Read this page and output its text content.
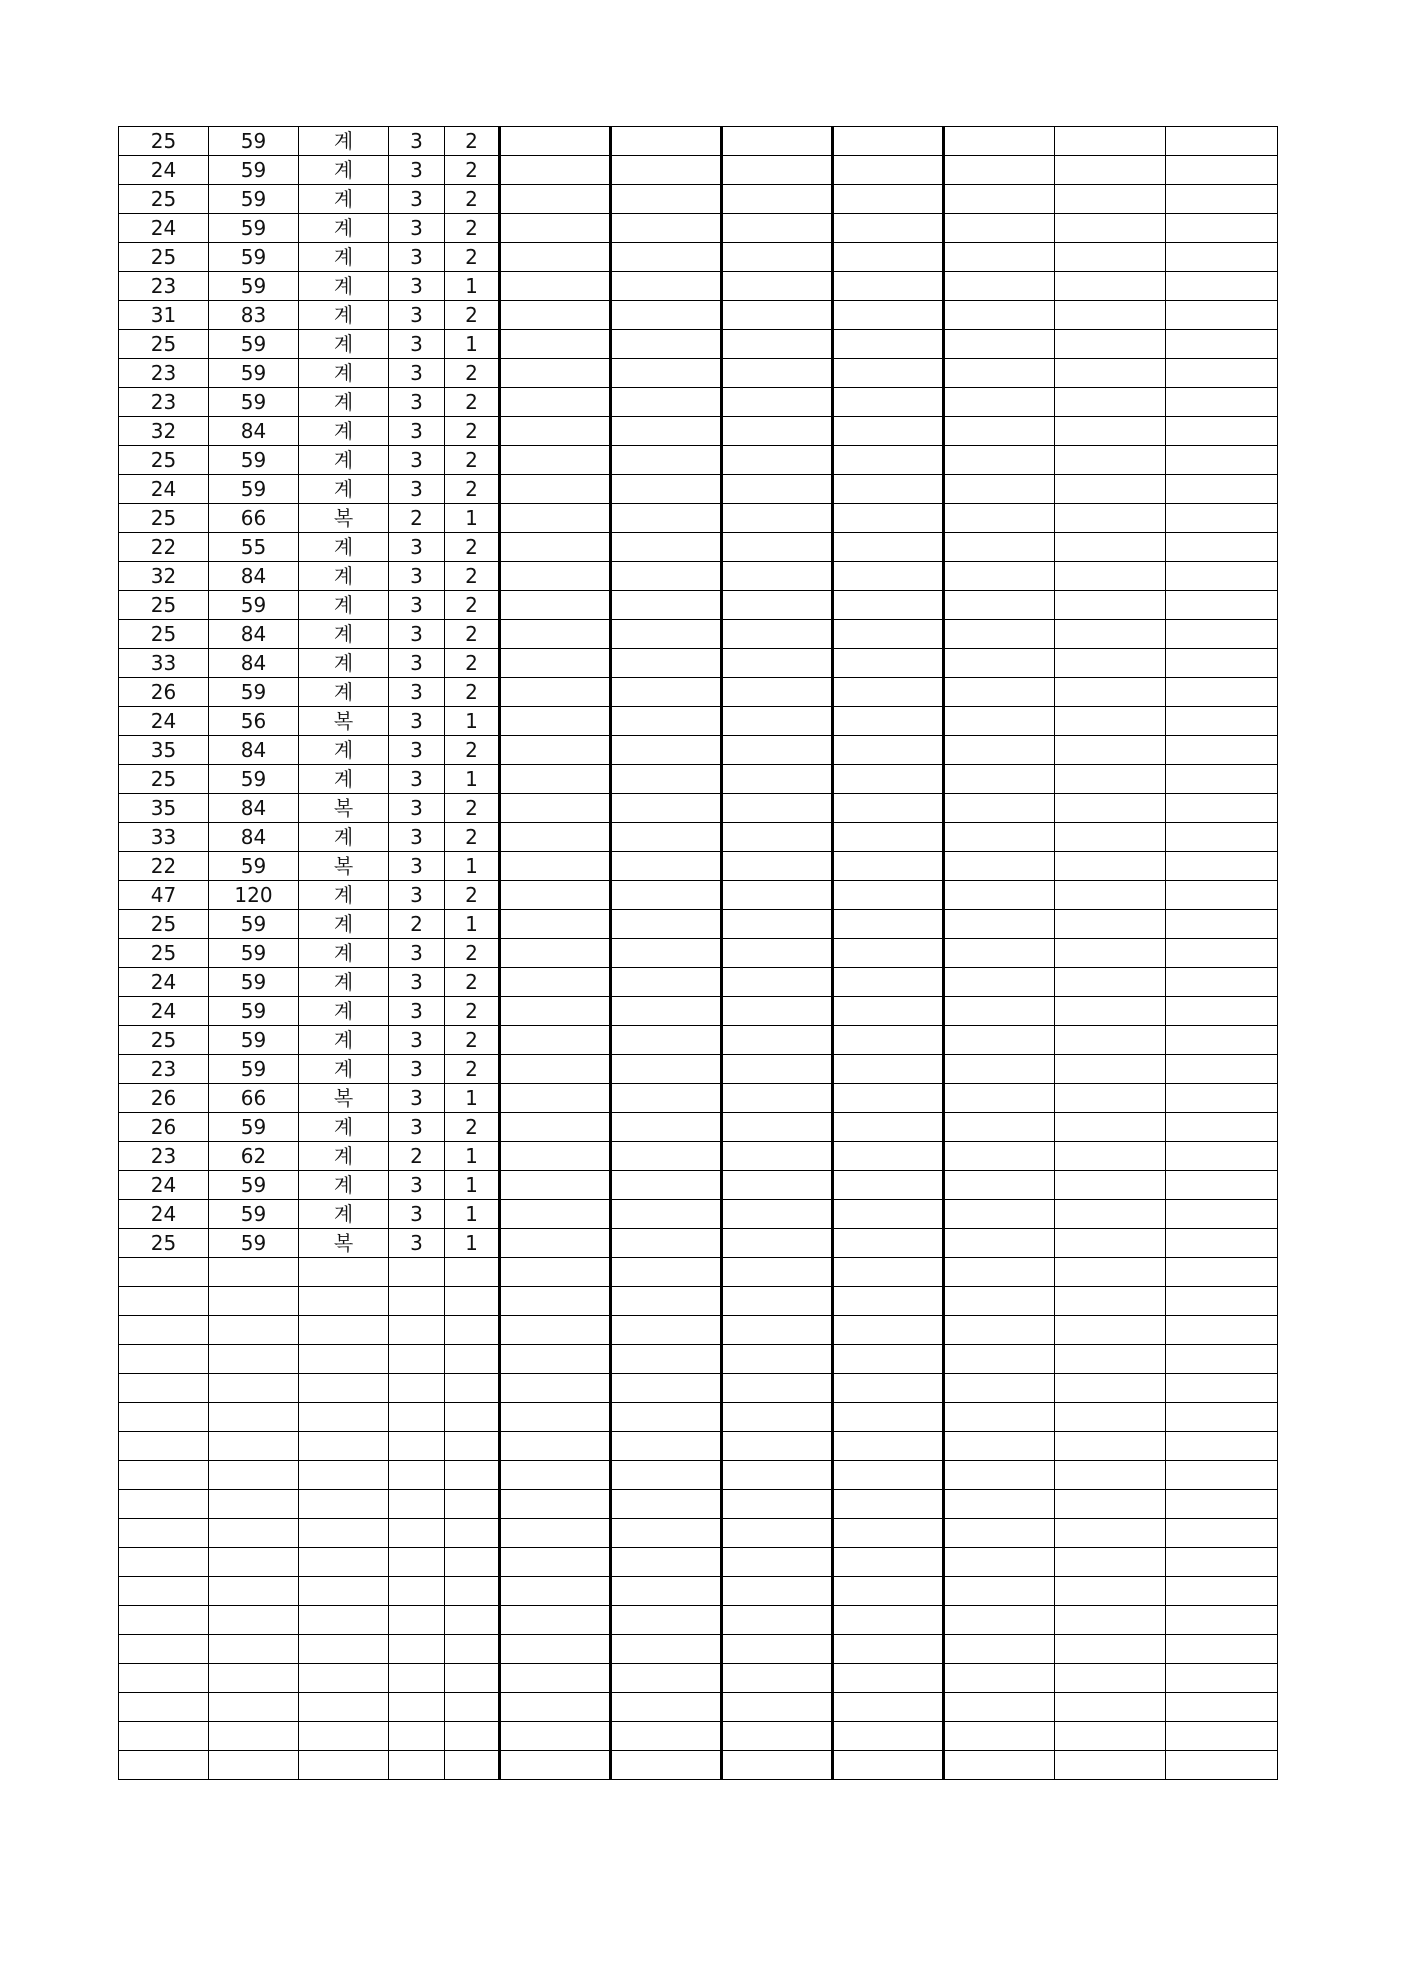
25	59	계	3	2							
24	59	계	3	2							
25	59	계	3	2							
24	59	계	3	2							
25	59	계	3	2							
23	59	계	3	1							
31	83	계	3	2							
25	59	계	3	1							
23	59	계	3	2							
23	59	계	3	2							
32	84	계	3	2							
25	59	계	3	2							
24	59	계	3	2							
25	66	복	2	1							
22	55	계	3	2							
32	84	계	3	2							
25	59	계	3	2							
25	84	계	3	2							
33	84	계	3	2							
26	59	계	3	2							
24	56	복	3	1							
35	84	계	3	2							
25	59	계	3	1							
35	84	복	3	2							
33	84	계	3	2							
22	59	복	3	1							
47	120	계	3	2							
25	59	계	2	1							
25	59	계	3	2							
24	59	계	3	2							
24	59	계	3	2							
25	59	계	3	2							
23	59	계	3	2							
26	66	복	3	1							
26	59	계	3	2							
23	62	계	2	1							
24	59	계	3	1							
24	59	계	3	1							
25	59	복	3	1							
